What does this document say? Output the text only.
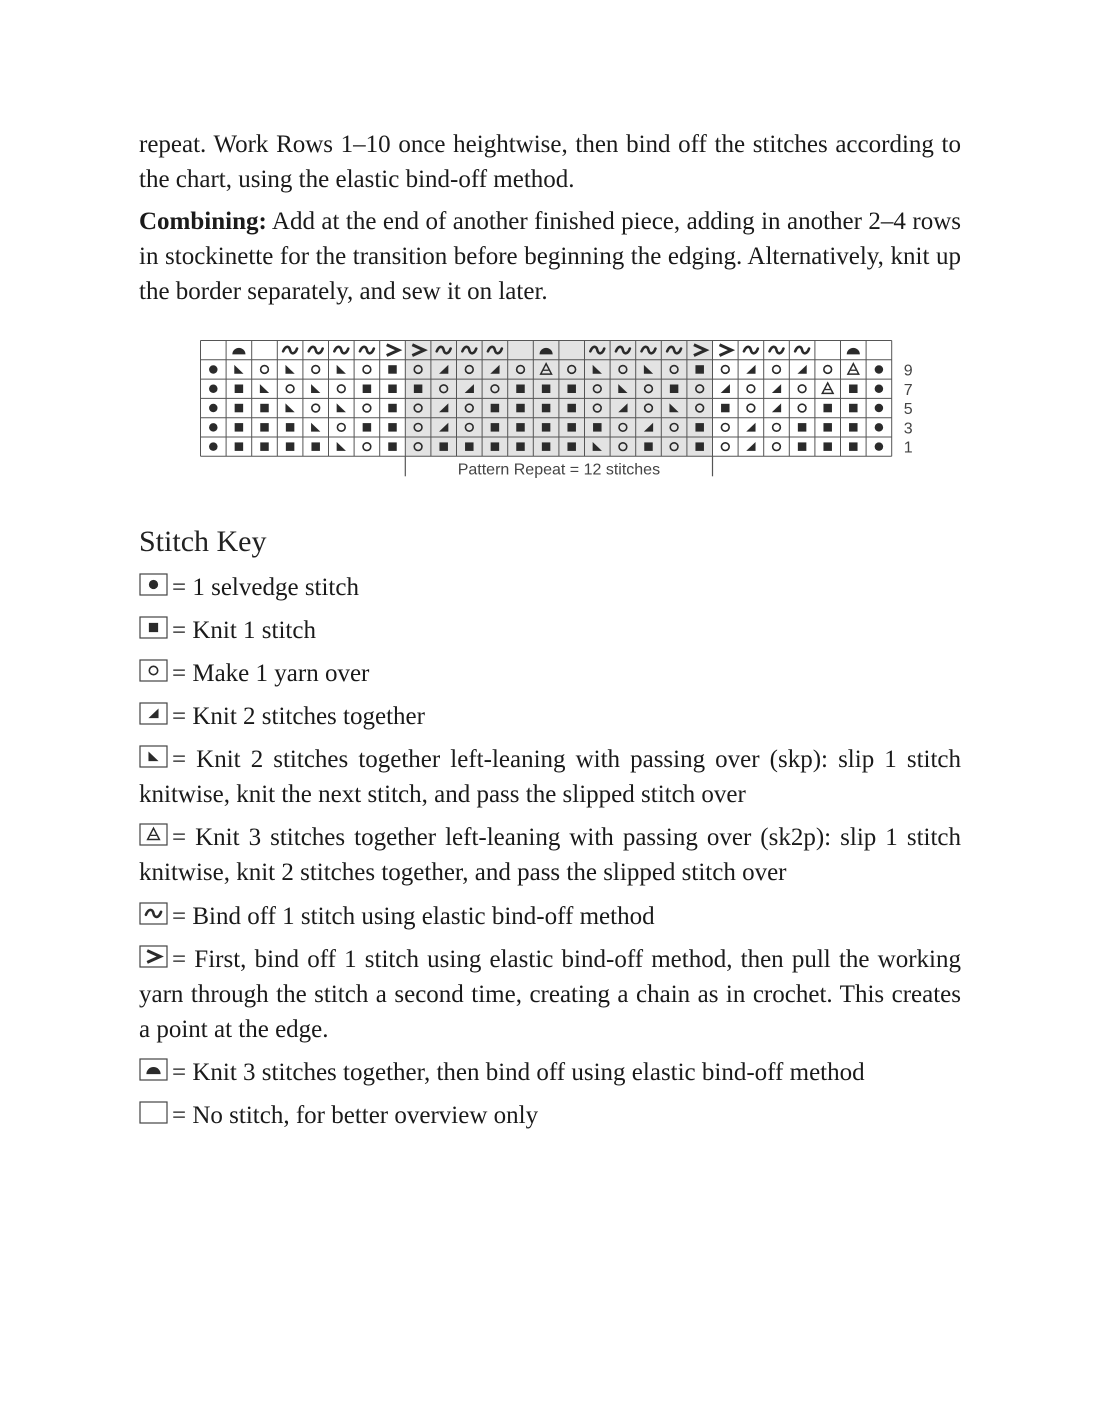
repeat. Work Rows 1–10 once heightwise, then bind off the stitches according to the chart, using the elastic bind-off method.

Combining: Add at the end of another finished piece, adding in another 2–4 rows in stockinette for the transition before beginning the edging. Alternatively, knit up the border separately, and sew it on later.

9
7
5
3
1
Pattern Repeat = 12 stitches
Stitch Key
= 1 selvedge stitch
= Knit 1 stitch
= Make 1 yarn over
= Knit 2 stitches together
= Knit 2 stitches together left-leaning with passing over (skp): slip 1 stitch knitwise, knit the next stitch, and pass the slipped stitch over
= Knit 3 stitches together left-leaning with passing over (sk2p): slip 1 stitch knitwise, knit 2 stitches together, and pass the slipped stitch over
= Bind off 1 stitch using elastic bind-off method
= First, bind off 1 stitch using elastic bind-off method, then pull the working yarn through the stitch a second time, creating a chain as in crochet. This creates a point at the edge.
= Knit 3 stitches together, then bind off using elastic bind-off method
= No stitch, for better overview only
